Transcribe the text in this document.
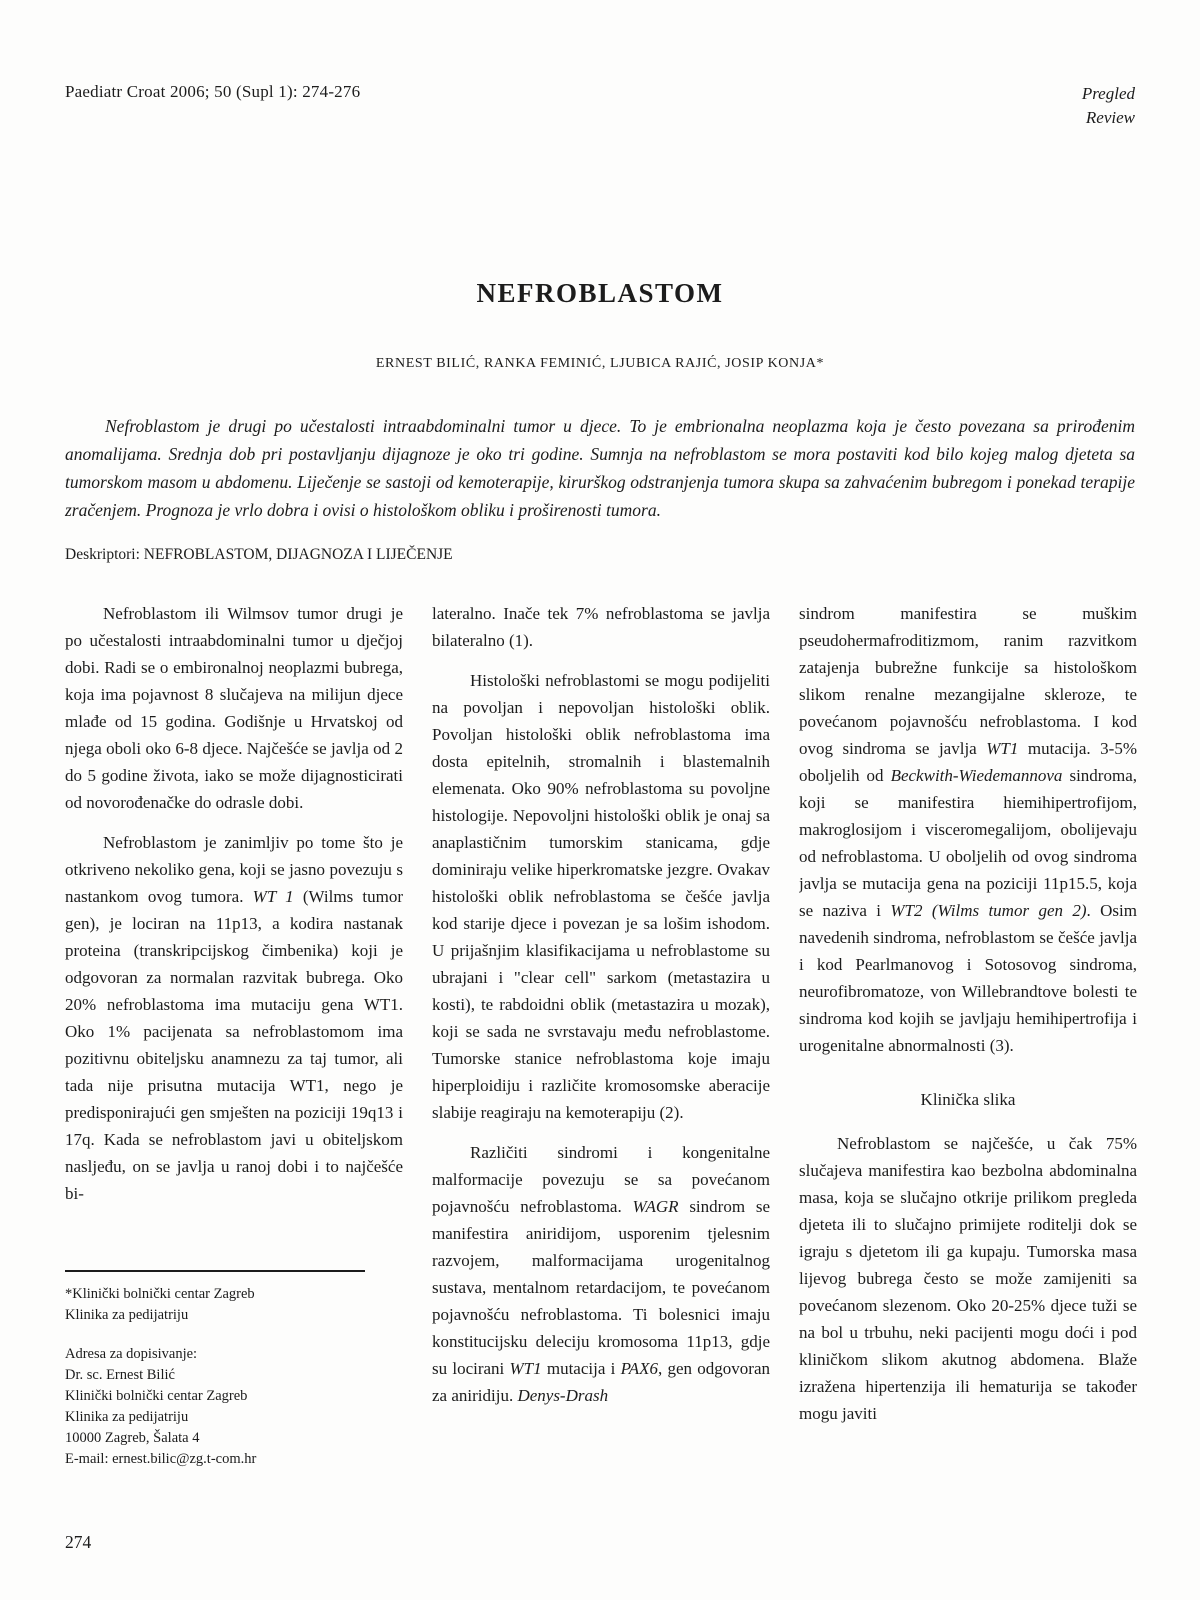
Paediatr Croat 2006; 50 (Supl 1): 274-276	Pregled
Review
NEFROBLASTOM
ERNEST BILIĆ, RANKA FEMINIĆ, LJUBICA RAJIĆ, JOSIP KONJA*
Nefroblastom je drugi po učestalosti intraabdominalni tumor u djece. To je embrionalna neoplazma koja je često povezana sa prirođenim anomalijama. Srednja dob pri postavljanju dijagnoze je oko tri godine. Sumnja na nefroblastom se mora postaviti kod bilo kojeg malog djeteta sa tumorskom masom u abdomenu. Liječenje se sastoji od kemoterapije, kirurškog odstranjenja tumora skupa sa zahvaćenim bubregom i ponekad terapije zračenjem. Prognoza je vrlo dobra i ovisi o histološkom obliku i proširenosti tumora.
Deskriptori: NEFROBLASTOM, DIJAGNOZA I LIJEČENJE

Nefroblastom ili Wilmsov tumor drugi je po učestalosti intraabdominalni tumor u dječjoj dobi. Radi se o embironalnoj neoplazmi bubrega, koja ima pojavnost 8 slučajeva na milijun djece mlađe od 15 godina. Godišnje u Hrvatskoj od njega oboli oko 6-8 djece. Najčešće se javlja od 2 do 5 godine života, iako se može dijagnosticirati od novorođenačke do odrasle dobi.

Nefroblastom je zanimljiv po tome što je otkriveno nekoliko gena, koji se jasno povezuju s nastankom ovog tumora. WT 1 (Wilms tumor gen), je lociran na 11p13, a kodira nastanak proteina (transkripcijskog čimbenika) koji je odgovoran za normalan razvitak bubrega. Oko 20% nefroblastoma ima mutaciju gena WT1. Oko 1% pacijenata sa nefroblastomom ima pozitivnu obiteljsku anamnezu za taj tumor, ali tada nije prisutna mutacija WT1, nego je predisponirajući gen smješten na poziciji 19q13 i 17q. Kada se nefroblastom javi u obiteljskom nasljeđu, on se javlja u ranoj dobi i to najčešće bi-

*Klinički bolnički centar Zagreb
Klinika za pedijatriju
Adresa za dopisivanje:
Dr. sc. Ernest Bilić
Klinički bolnički centar Zagreb
Klinika za pedijatriju
10000 Zagreb, Šalata 4
E-mail: ernest.bilic@zg.t-com.hr

lateralno. Inače tek 7% nefroblastoma se javlja bilateralno (1).

Histološki nefroblastomi se mogu podijeliti na povoljan i nepovoljan histološki oblik. Povoljan histološki oblik nefroblastoma ima dosta epitelnih, stromalnih i blastemalnih elemenata. Oko 90% nefroblastoma su povoljne histologije. Nepovoljni histološki oblik je onaj sa anaplastičnim tumorskim stanicama, gdje dominiraju velike hiperkromatske jezgre. Ovakav histološki oblik nefroblastoma se češće javlja kod starije djece i povezan je sa lošim ishodom. U prijašnjim klasifikacijama u nefroblastome su ubrajani i "clear cell" sarkom (metastazira u kosti), te rabdoidni oblik (metastazira u mozak), koji se sada ne svrstavaju među nefroblastome. Tumorske stanice nefroblastoma koje imaju hiperploidiju i različite kromosomske aberacije slabije reagiraju na kemoterapiju (2).

Različiti sindromi i kongenitalne malformacije povezuju se sa povećanom pojavnošću nefroblastoma. WAGR sindrom se manifestira aniridijom, usporenim tjelesnim razvojem, malformacijama urogenitalnog sustava, mentalnom retardacijom, te povećanom pojavnošću nefroblastoma. Ti bolesnici imaju konstitucijsku deleciju kromosoma 11p13, gdje su locirani WT1 mutacija i PAX6, gen odgovoran za aniridiju. Denys-Drash

sindrom manifestira se muškim pseudohermafroditizmom, ranim razvitkom zatajenja bubrežne funkcije sa histološkom slikom renalne mezangijalne skleroze, te povećanom pojavnošću nefroblastoma. I kod ovog sindroma se javlja WT1 mutacija. 3-5% oboljelih od Beckwith-Wiedemannova sindroma, koji se manifestira hiemihipertrofijom, makroglosijom i visceromegalijom, obolijevaju od nefroblastoma. U oboljelih od ovog sindroma javlja se mutacija gena na poziciji 11p15.5, koja se naziva i WT2 (Wilms tumor gen 2). Osim navedenih sindroma, nefroblastom se češće javlja i kod Pearlmanovog i Sotosovog sindroma, neurofibromatoze, von Willebrandtove bolesti te sindroma kod kojih se javljaju hemihipertrofija i urogenitalne abnormalnosti (3).

Klinička slika

Nefroblastom se najčešće, u čak 75% slučajeva manifestira kao bezbolna abdominalna masa, koja se slučajno otkrije prilikom pregleda djeteta ili to slučajno primijete roditelji dok se igraju s djetetom ili ga kupaju. Tumorska masa lijevog bubrega često se može zamijeniti sa povećanom slezenom. Oko 20-25% djece tuži se na bol u trbuhu, neki pacijenti mogu doći i pod kliničkom slikom akutnog abdomena. Blaže izražena hipertenzija ili hematurija se također mogu javiti

274
